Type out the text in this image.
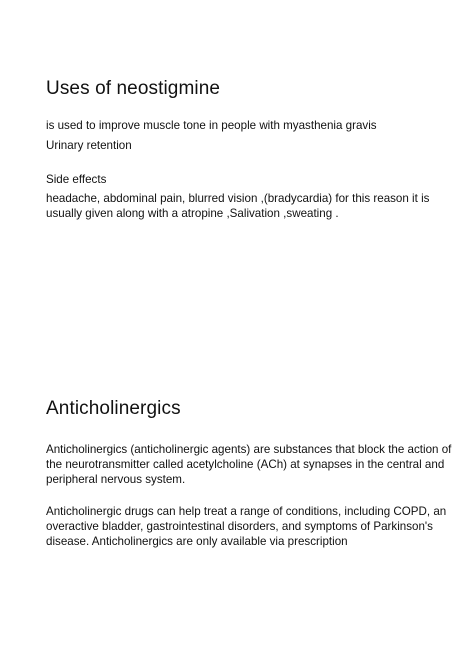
Uses of neostigmine

is used to improve muscle tone in people with myasthenia gravis

Urinary retention

Side effects

headache, abdominal pain, blurred vision ,(bradycardia) for this reason it is usually given along with a atropine ,Salivation ,sweating .

Anticholinergics

Anticholinergics (anticholinergic agents) are substances that block the action of the neurotransmitter called acetylcholine (ACh) at synapses in the central and peripheral nervous system.

Anticholinergic drugs can help treat a range of conditions, including COPD, an overactive bladder, gastrointestinal disorders, and symptoms of Parkinson's disease. Anticholinergics are only available via prescription
